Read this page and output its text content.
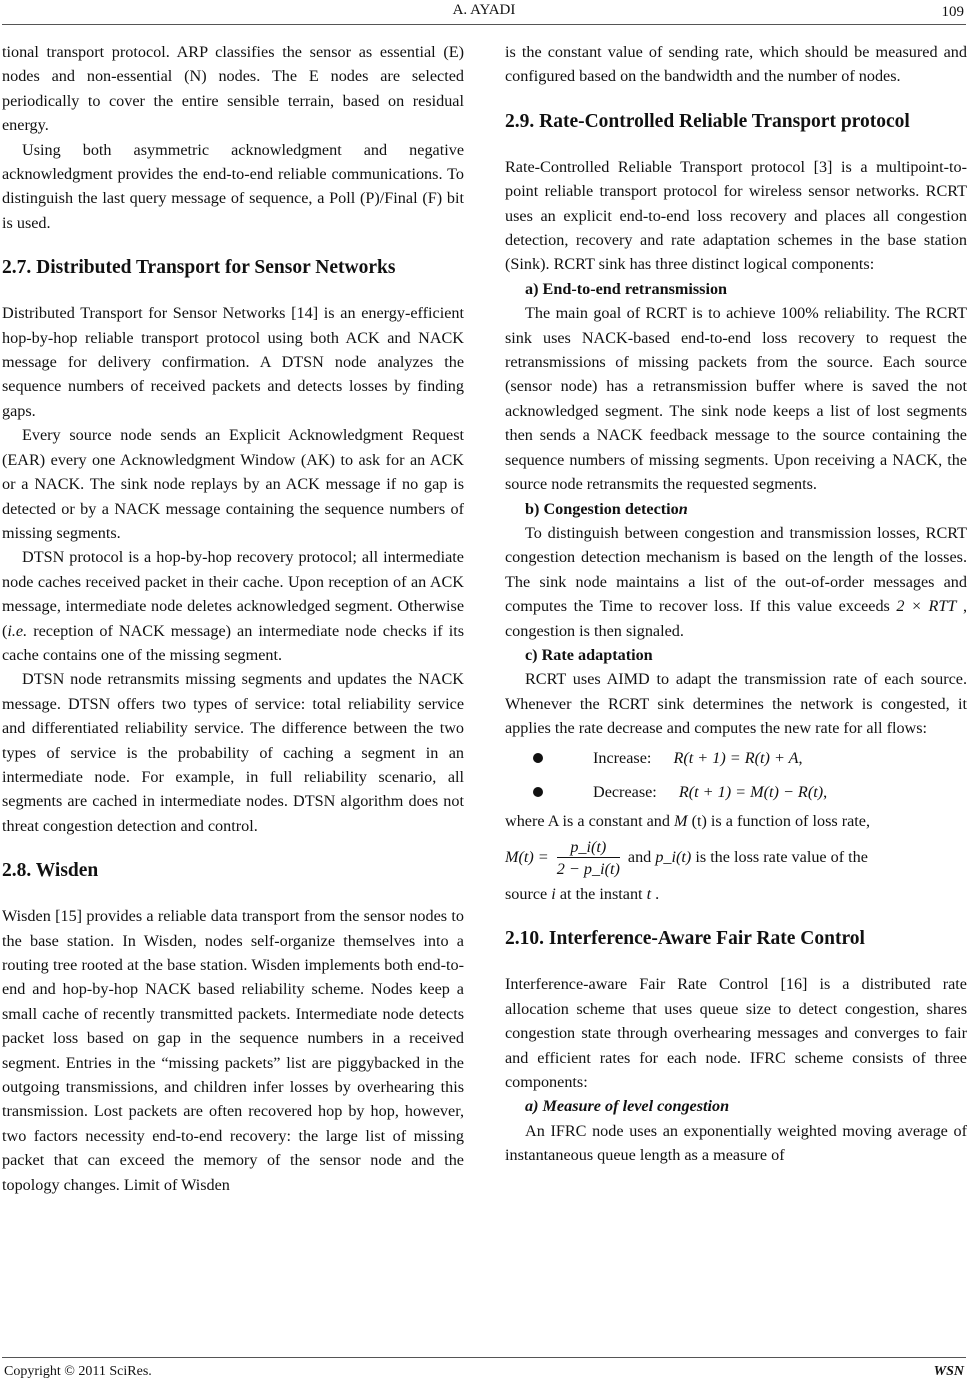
A. AYADI	109

tional transport protocol. ARP classifies the sensor as essential (E) nodes and non-essential (N) nodes. The E nodes are selected periodically to cover the entire sensible terrain, based on residual energy.

Using both asymmetric acknowledgment and negative acknowledgment provides the end-to-end reliable communications. To distinguish the last query message of sequence, a Poll (P)/Final (F) bit is used.

2.7. Distributed Transport for Sensor Networks

Distributed Transport for Sensor Networks [14] is an energy-efficient hop-by-hop reliable transport protocol using both ACK and NACK message for delivery confirmation. A DTSN node analyzes the sequence numbers of received packets and detects losses by finding gaps.

Every source node sends an Explicit Acknowledgment Request (EAR) every one Acknowledgment Window (AK) to ask for an ACK or a NACK. The sink node replays by an ACK message if no gap is detected or by a NACK message containing the sequence numbers of missing segments.

DTSN protocol is a hop-by-hop recovery protocol; all intermediate node caches received packet in their cache. Upon reception of an ACK message, intermediate node deletes acknowledged segment. Otherwise (i.e. reception of NACK message) an intermediate node checks if its cache contains one of the missing segment.

DTSN node retransmits missing segments and updates the NACK message. DTSN offers two types of service: total reliability service and differentiated reliability service. The difference between the two types of service is the probability of caching a segment in an intermediate node. For example, in full reliability scenario, all segments are cached in intermediate nodes. DTSN algorithm does not threat congestion detection and control.

2.8. Wisden

Wisden [15] provides a reliable data transport from the sensor nodes to the base station. In Wisden, nodes self-organize themselves into a routing tree rooted at the base station. Wisden implements both end-to-end and hop-by-hop NACK based reliability scheme. Nodes keep a small cache of recently transmitted packets. Intermediate node detects packet loss based on gap in the sequence numbers in a received segment. Entries in the “missing packets” list are piggybacked in the outgoing transmissions, and children infer losses by overhearing this transmission. Lost packets are often recovered hop by hop, however, two factors necessity end-to-end recovery: the large list of missing packet that can exceed the memory of the sensor node and the topology changes. Limit of Wisden

is the constant value of sending rate, which should be measured and configured based on the bandwidth and the number of nodes.

2.9. Rate-Controlled Reliable Transport protocol

Rate-Controlled Reliable Transport protocol [3] is a multipoint-to-point reliable transport protocol for wireless sensor networks. RCRT uses an explicit end-to-end loss recovery and places all congestion detection, recovery and rate adaptation schemes in the base station (Sink). RCRT sink has three distinct logical components:

a) End-to-end retransmission

The main goal of RCRT is to achieve 100% reliability. The RCRT sink uses NACK-based end-to-end loss recovery to request the retransmissions of missing packets from the source. Each source (sensor node) has a retransmission buffer where is saved the not acknowledged segment. The sink node keeps a list of lost segments then sends a NACK feedback message to the source containing the sequence numbers of missing segments. Upon receiving a NACK, the source node retransmits the requested segments.

b) Congestion detection

To distinguish between congestion and transmission losses, RCRT congestion detection mechanism is based on the length of the losses. The sink node maintains a list of the out-of-order messages and computes the Time to recover loss. If this value exceeds 2 × RTT , congestion is then signaled.

c) Rate adaptation

RCRT uses AIMD to adapt the transmission rate of each source. Whenever the RCRT sink determines the network is congested, it applies the rate decrease and computes the new rate for all flows:

Increase: R(t + 1) = R(t) + A,
Decrease: R(t + 1) = M(t) − R(t),

where A is a constant and M (t) is a function of loss rate,

$M(t) = \frac{p\_i(t)}{2 - p\_i(t)}$ and p_i(t) is the loss rate value of the

source i at the instant t .

2.10. Interference-Aware Fair Rate Control

Interference-aware Fair Rate Control [16] is a distributed rate allocation scheme that uses queue size to detect congestion, shares congestion state through overhearing messages and converges to fair and efficient rates for each node. IFRC scheme consists of three components:

a) Measure of level congestion

An IFRC node uses an exponentially weighted moving average of instantaneous queue length as a measure of

Copyright © 2011 SciRes.	WSN
